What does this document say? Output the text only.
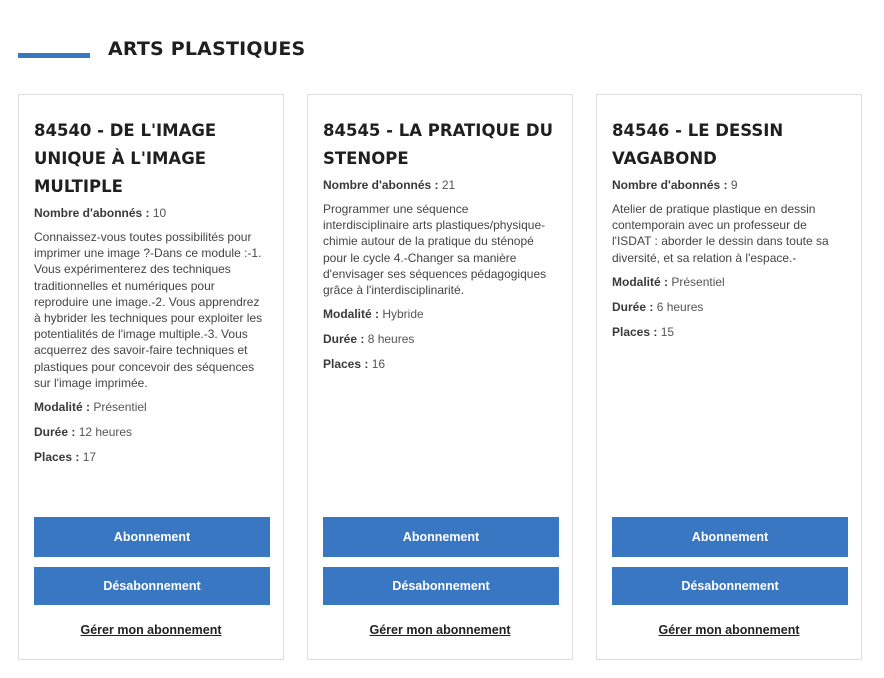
ARTS PLASTIQUES
84540 - DE L'IMAGE UNIQUE À L'IMAGE MULTIPLE
Nombre d'abonnés : 10
Connaissez-vous toutes possibilités pour imprimer une image ?-Dans ce module :-1. Vous expérimenterez des techniques traditionnelles et numériques pour reproduire une image.-2. Vous apprendrez à hybrider les techniques pour exploiter les potentialités de l'image multiple.-3. Vous acquerrez des savoir-faire techniques et plastiques pour concevoir des séquences sur l'image imprimée.
Modalité : Présentiel
Durée : 12 heures
Places : 17
Abonnement
Désabonnement
Gérer mon abonnement
84545 - LA PRATIQUE DU STENOPE
Nombre d'abonnés : 21
Programmer une séquence interdisciplinaire arts plastiques/physique-chimie autour de la pratique du sténopé pour le cycle 4.-Changer sa manière d'envisager ses séquences pédagogiques grâce à l'interdisciplinarité.
Modalité : Hybride
Durée : 8 heures
Places : 16
Abonnement
Désabonnement
Gérer mon abonnement
84546 - LE DESSIN VAGABOND
Nombre d'abonnés : 9
Atelier de pratique plastique en dessin contemporain avec un professeur de l'ISDAT : aborder le dessin dans toute sa diversité, et sa relation à l'espace.-
Modalité : Présentiel
Durée : 6 heures
Places : 15
Abonnement
Désabonnement
Gérer mon abonnement
